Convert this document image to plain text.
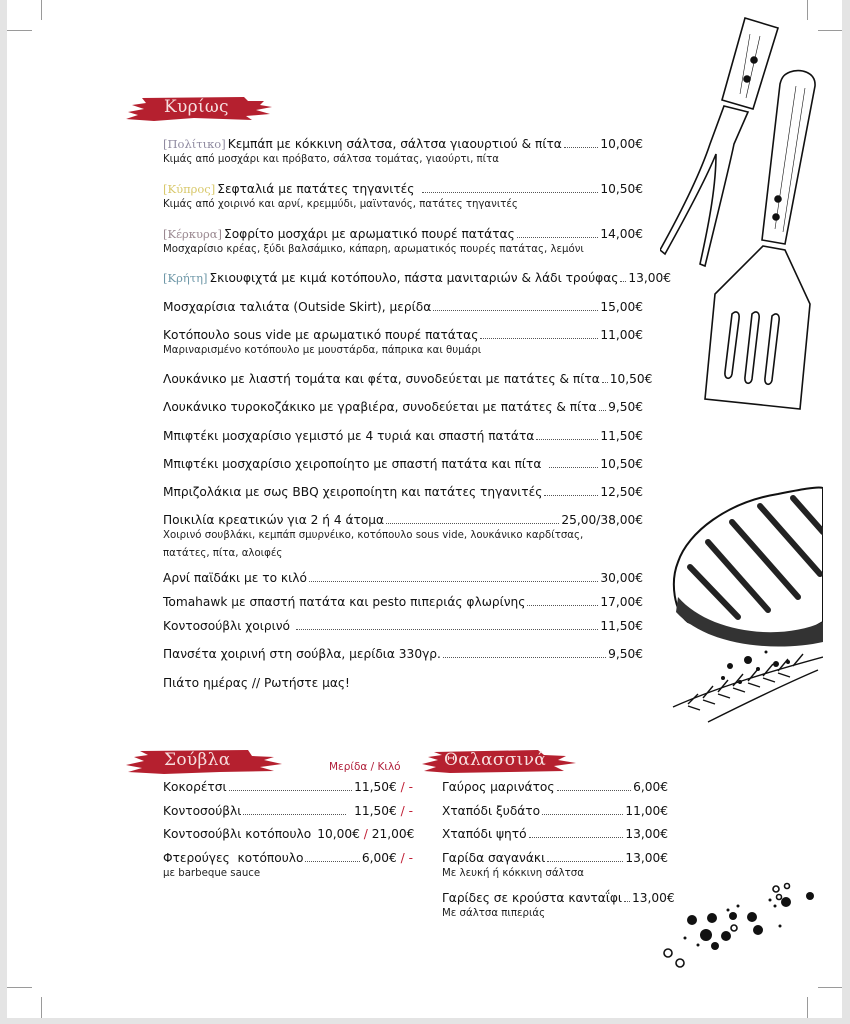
Κυρίως
[Πολίτικο] Κεμπάπ με κόκκινη σάλτσα, σάλτσα γιαουρτιού & πίτα	10,00€
Κιμάς από μοσχάρι και πρόβατο, σάλτσα τομάτας, γιαούρτι, πίτα
[Κύπρος] Σεφταλιά με πατάτες τηγανιτές	10,50€
Κιμάς από χοιρινό και αρνί, κρεμμύδι, μαϊντανός, πατάτες τηγανιτές
[Κέρκυρα] Σοφρίτο μοσχάρι με αρωματικό πουρέ πατάτας	14,00€
Μοσχαρίσιο κρέας, ξύδι βαλσάμικο, κάπαρη, αρωματικός πουρές πατάτας, λεμόνι
[Κρήτη] Σκιουφιχτά με κιμά κοτόπουλο, πάστα μανιταριών & λάδι τρούφας 13,00€
Μοσχαρίσια ταλιάτα (Outside Skirt), μερίδα	15,00€
Κοτόπουλο sous vide με αρωματικό πουρέ πατάτας	11,00€
Μαριναρισμένο κοτόπουλο με μουστάρδα, πάπρικα και θυμάρι
Λουκάνικο με λιαστή τομάτα και φέτα, συνοδεύεται με πατάτες & πίτα 10,50€
Λουκάνικο τυροκοζάκικο με γραβιέρα, συνοδεύεται με πατάτες & πίτα 9,50€
Μπιφτέκι μοσχαρίσιο γεμιστό με 4 τυριά και σπαστή πατάτα	11,50€
Μπιφτέκι μοσχαρίσιο χειροποίητο με σπαστή πατάτα και πίτα	10,50€
Μπριζολάκια με σως BBQ χειροποίητη και πατάτες τηγανιτές	12,50€
Ποικιλία κρεατικών για 2 ή 4 άτομα	25,00/38,00€
Χοιρινό σουβλάκι, κεμπάπ σμυρνέικο, κοτόπουλο sous vide, λουκάνικο καρδίτσας,
πατάτες, πίτα, αλοιφές
Αρνί παϊδάκι με το κιλό	30,00€
Tomahawk με σπαστή πατάτα και pesto πιπεριάς φλωρίνης	17,00€
Κοντοσούβλι χοιρινό	11,50€
Πανσέτα χοιρινή στη σούβλα, μερίδια 330γρ.	9,50€
Πιάτο ημέρας // Ρωτήστε μας!
Σούβλα	Μερίδα / Κιλό
Κοκορέτσι	11,50€ / -
Κοντοσούβλι	11,50€ / -
Κοντοσούβλι κοτόπουλο 10,00€ / 21,00€
Φτερούγες  κοτόπουλο	6,00€ / -
με barbeque sauce
Θαλασσινά
Γαύρος μαρινάτος	6,00€
Χταπόδι ξυδάτο	11,00€
Χταπόδι ψητό	13,00€
Γαρίδα σαγανάκι	13,00€
Με λευκή ή κόκκινη σάλτσα
Γαρίδες σε κρούστα κανταΐφι 13,00€
Με σάλτσα πιπεριάς
